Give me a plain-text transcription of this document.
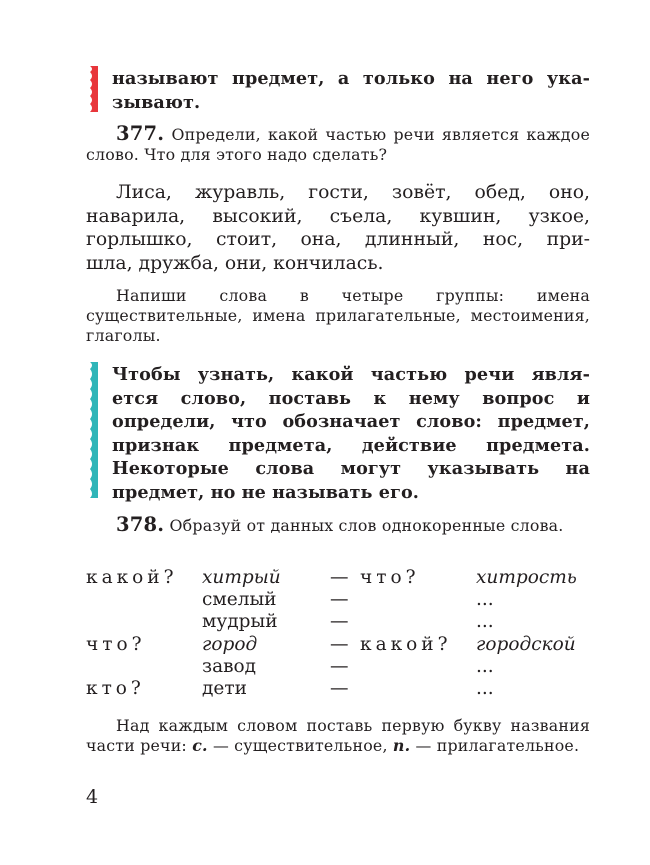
называют предмет, а только на него ука-
зывают.

377. Определи, какой частью речи является каждое слово. Что для этого надо сделать?

Лиса, журавль, гости, зовёт, обед, оно,
наварила, высокий, съела, кувшин, узкое,
горлышко, стоит, она, длинный, нос, при-
шла, дружба, они, кончилась.

Напиши слова в четыре группы: имена существительные, имена прилагательные, местоимения, глаголы.

Чтобы узнать, какой частью речи явля-
ется слово, поставь к нему вопрос и
определи, что обозначает слово: предмет,
признак предмета, действие предмета.
Некоторые слова могут указывать на
предмет, но не называть его.

378. Образуй от данных слов однокоренные слова.

какой?	хитрый	—	что?	хитрость
	смелый	—		...
	мудрый	—		...
что?	город	—	какой?	городской
	завод	—		...
кто?	дети	—		...

Над каждым словом поставь первую букву названия части речи: с. — существительное, п. — прилагательное.

4
